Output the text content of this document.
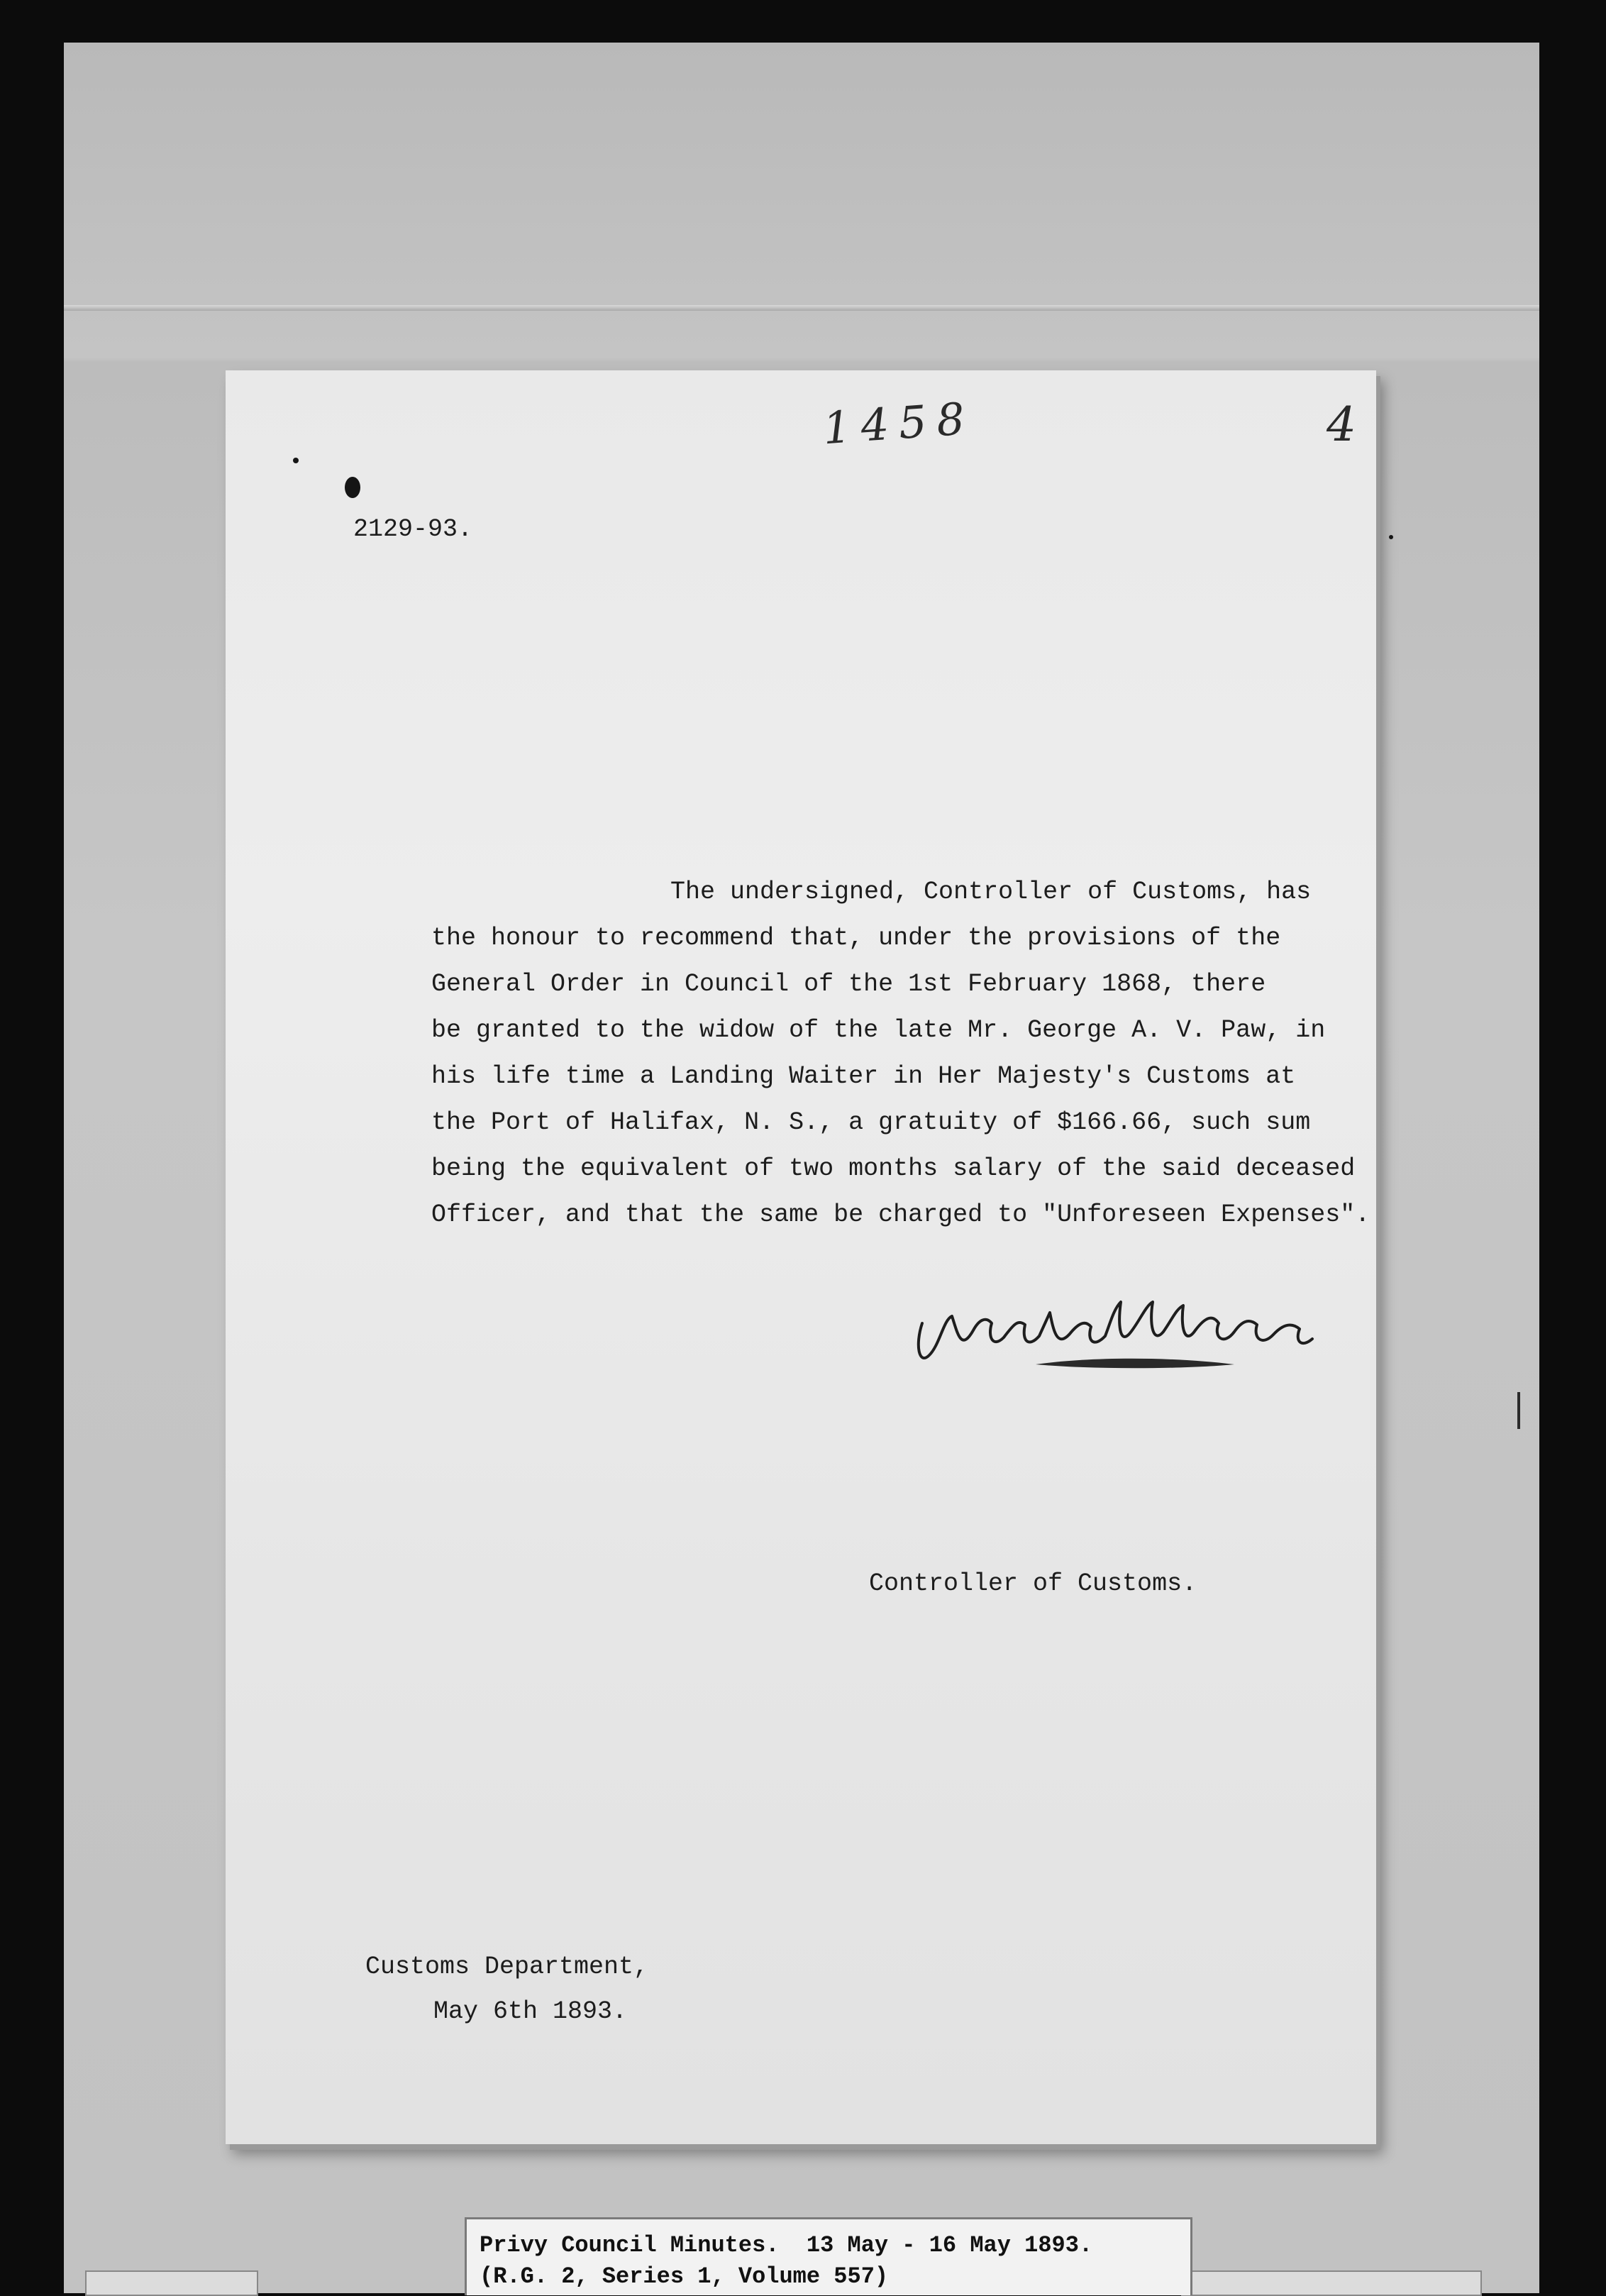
1458	4

2129-93.

The undersigned, Controller of Customs, has
the honour to recommend that, under the provisions of the
General Order in Council of the 1st February 1868, there
be granted to the widow of the late Mr. George A. V. Paw, in
his life time a Landing Waiter in Her Majesty's Customs at
the Port of Halifax, N. S., a gratuity of $166.66, such sum
being the equivalent of two months salary of the said deceased
Officer, and that the same be charged to "Unforeseen Expenses".

Controller of Customs.

Customs Department,

May 6th 1893.

Privy Council Minutes.  13 May - 16 May 1893.

(R.G. 2, Series 1, Volume 557)
